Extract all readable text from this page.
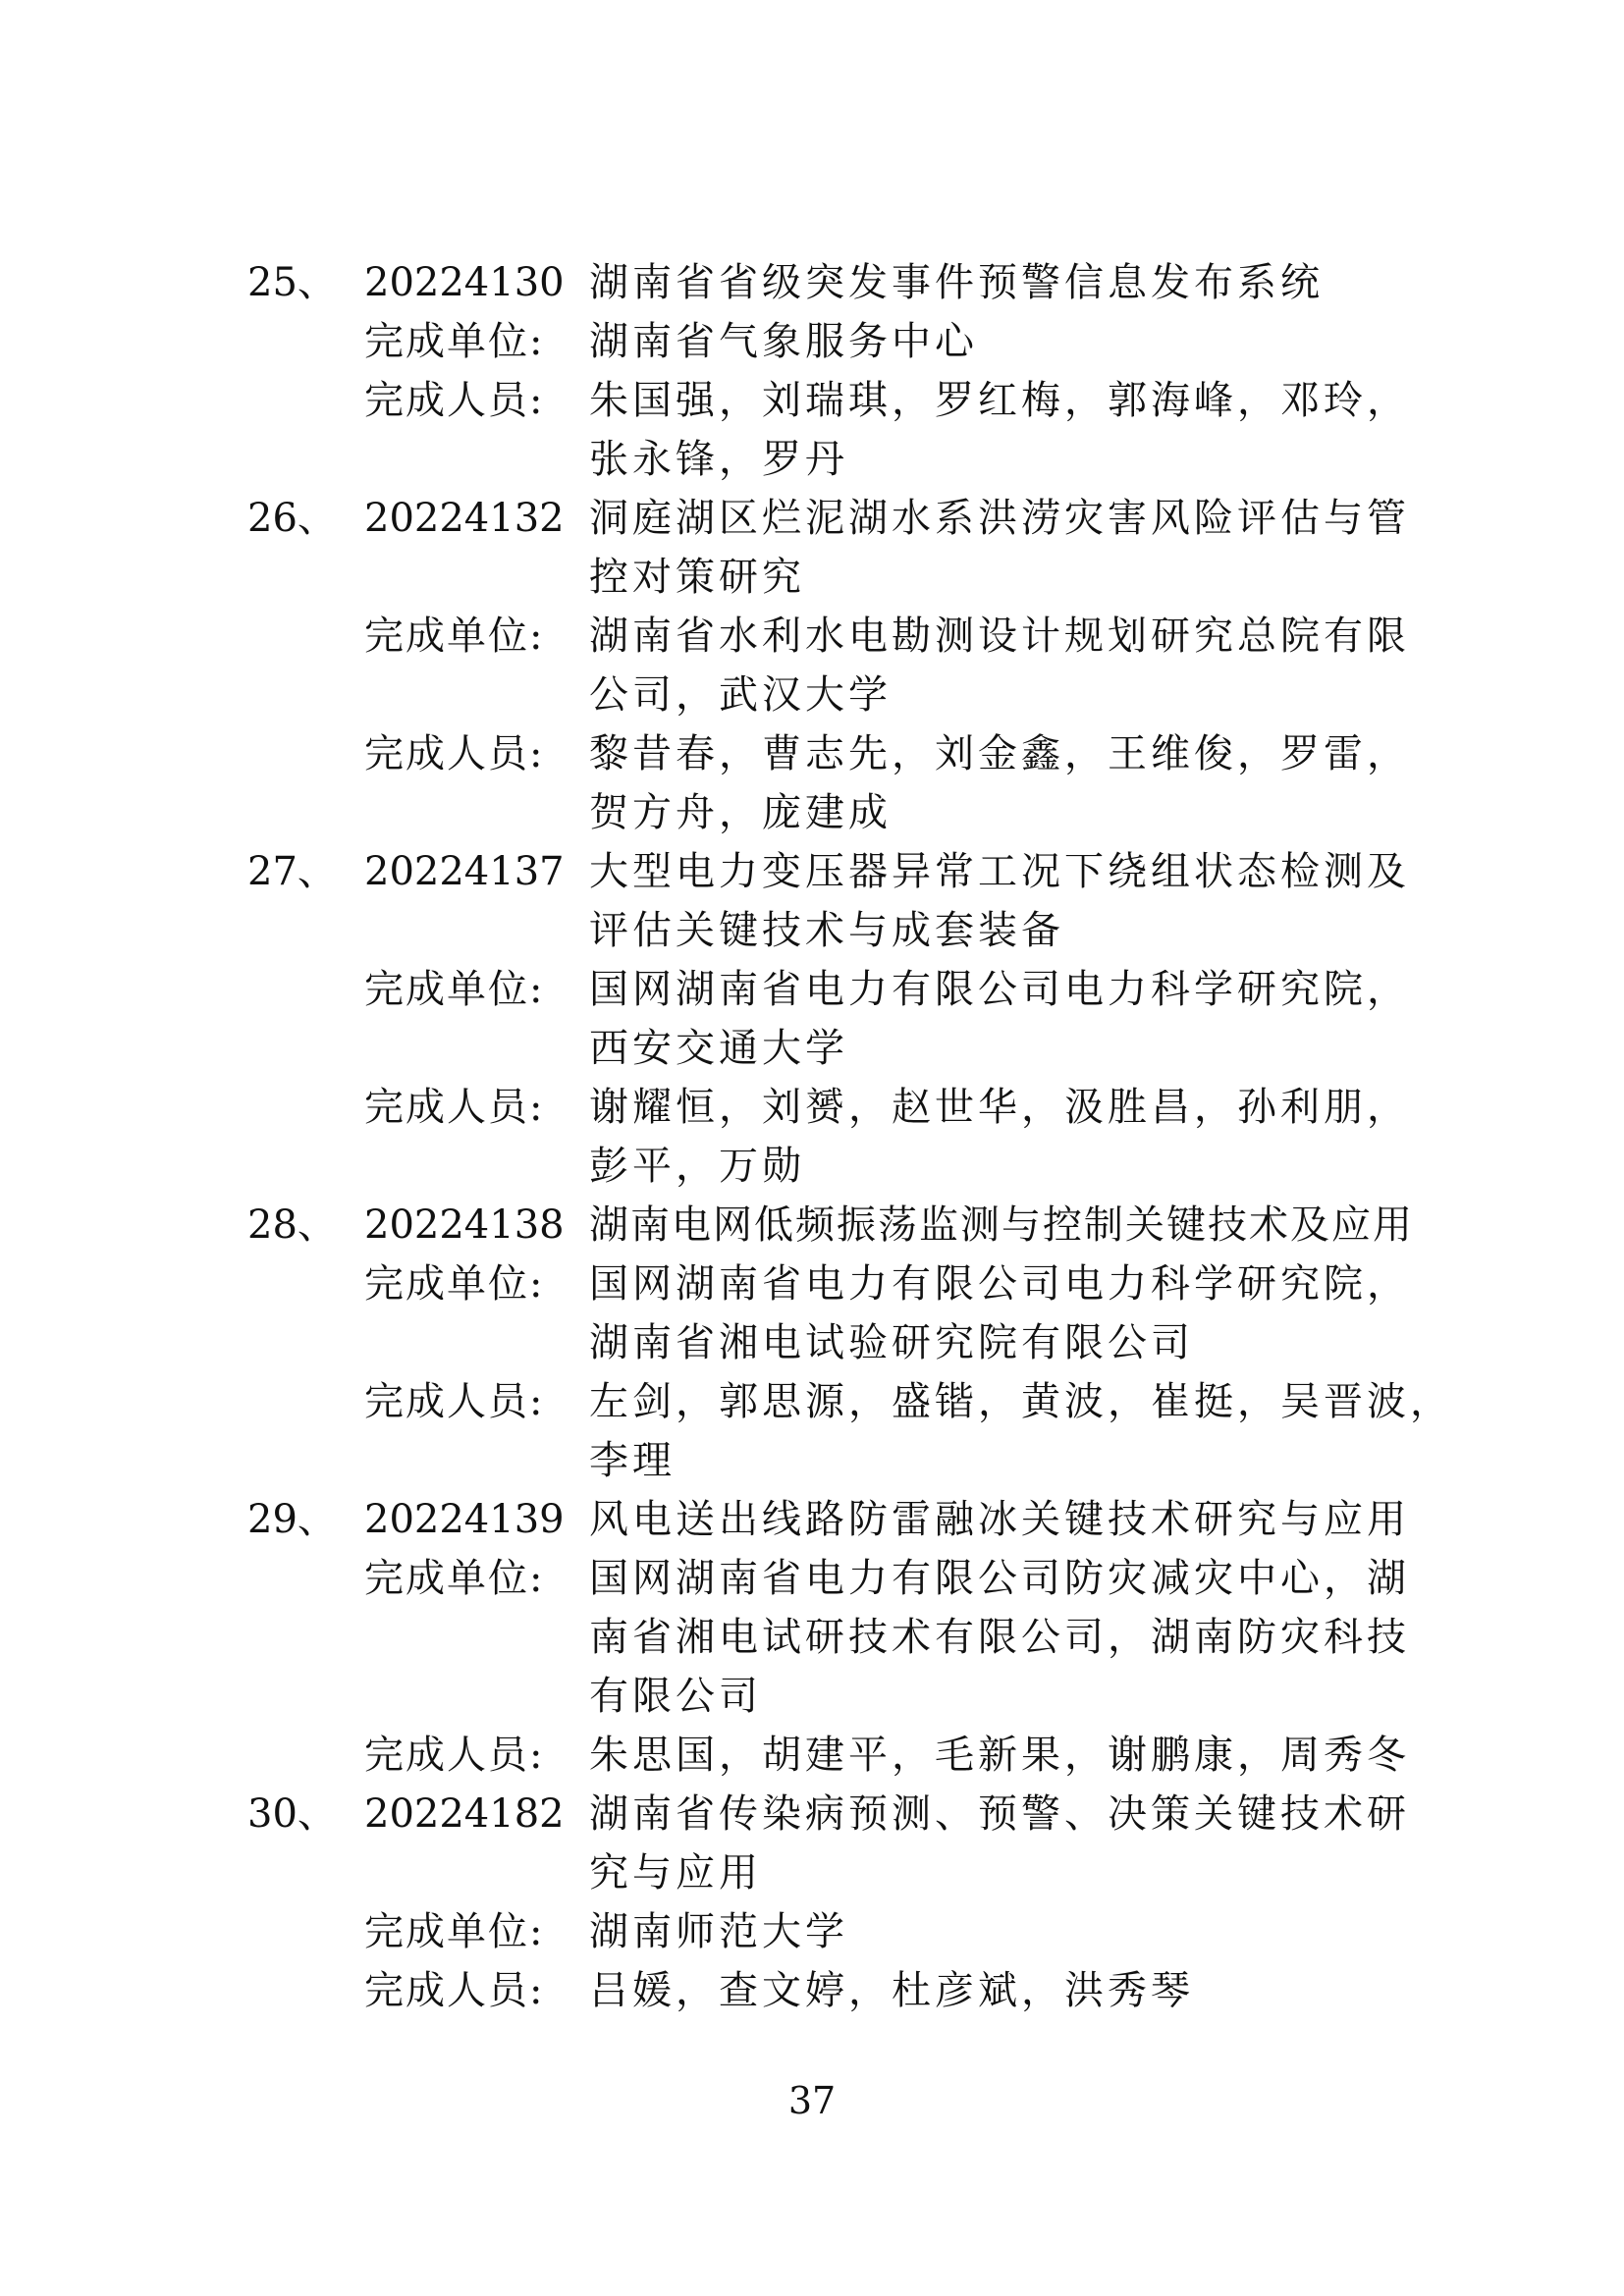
25、 20224130 湖南省省级突发事件预警信息发布系统
完成单位: 湖南省气象服务中心
完成人员: 朱国强，刘瑞琪，罗红梅，郭海峰，邓玲，
张永锋，罗丹
26、 20224132 洞庭湖区烂泥湖水系洪涝灾害风险评估与管
控对策研究
完成单位: 湖南省水利水电勘测设计规划研究总院有限
公司，武汉大学
完成人员: 黎昔春，曹志先，刘金鑫，王维俊，罗雷，
贺方舟，庞建成
27、 20224137 大型电力变压器异常工况下绕组状态检测及
评估关键技术与成套装备
完成单位: 国网湖南省电力有限公司电力科学研究院，
西安交通大学
完成人员: 谢耀恒，刘赟，赵世华，汲胜昌，孙利朋，
彭平，万勋
28、 20224138 湖南电网低频振荡监测与控制关键技术及应用
完成单位: 国网湖南省电力有限公司电力科学研究院，
湖南省湘电试验研究院有限公司
完成人员: 左剑，郭思源，盛锴，黄波，崔挺，吴晋波，
李理
29、 20224139 风电送出线路防雷融冰关键技术研究与应用
完成单位: 国网湖南省电力有限公司防灾减灾中心，湖
南省湘电试研技术有限公司，湖南防灾科技
有限公司
完成人员: 朱思国，胡建平，毛新果，谢鹏康，周秀冬
30、 20224182 湖南省传染病预测、预警、决策关键技术研
究与应用
完成单位: 湖南师范大学
完成人员: 吕媛，查文婷，杜彦斌，洪秀琴
37
